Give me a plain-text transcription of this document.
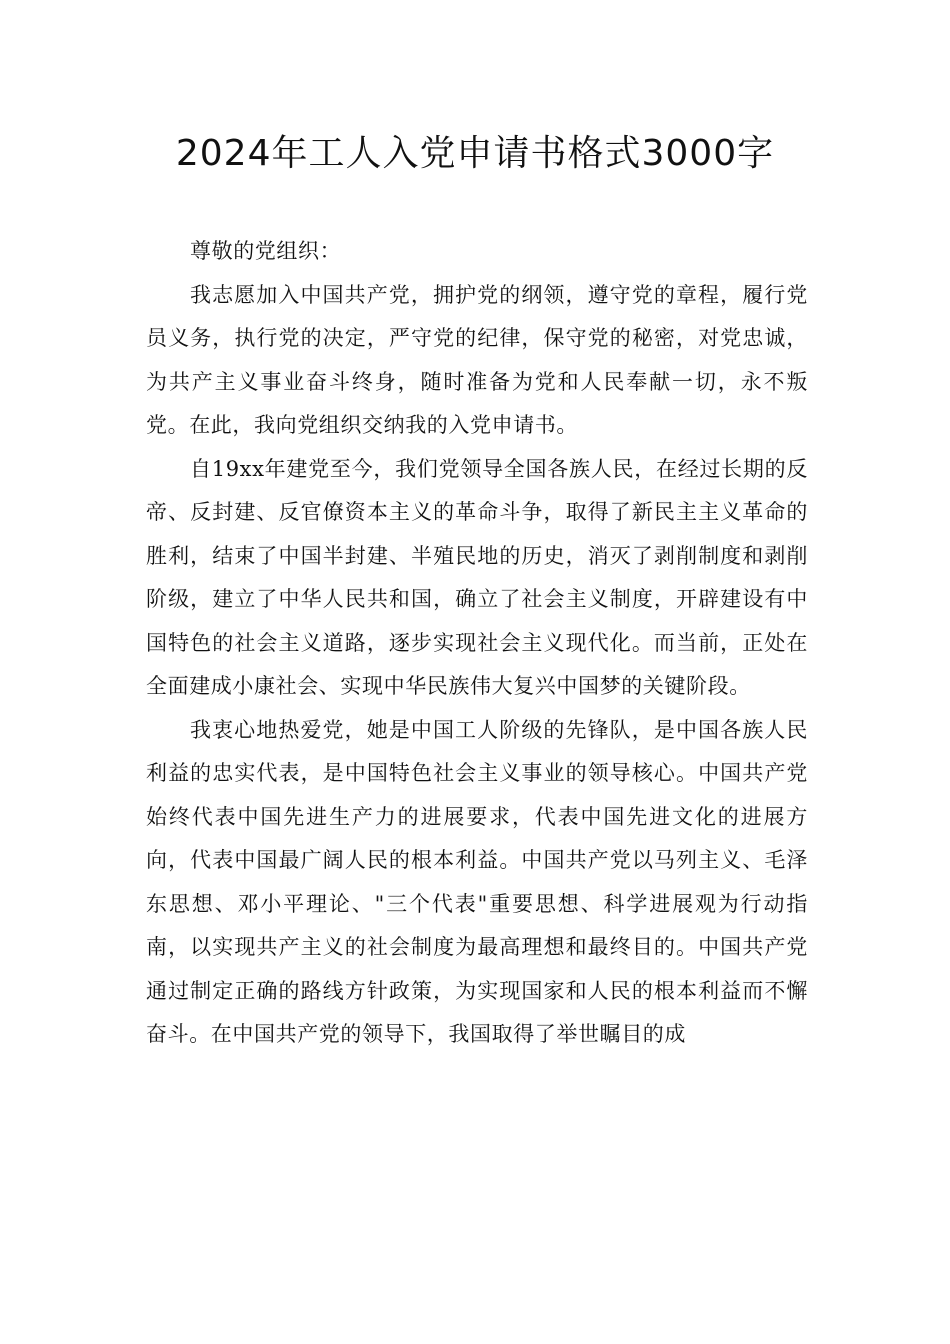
2024年工人入党申请书格式3000字

尊敬的党组织：

我志愿加入中国共产党，拥护党的纲领，遵守党的章程，履行党员义务，执行党的决定，严守党的纪律，保守党的秘密，对党忠诚，为共产主义事业奋斗终身，随时准备为党和人民奉献一切，永不叛党。在此，我向党组织交纳我的入党申请书。

自19xx年建党至今，我们党领导全国各族人民，在经过长期的反帝、反封建、反官僚资本主义的革命斗争，取得了新民主主义革命的胜利，结束了中国半封建、半殖民地的历史，消灭了剥削制度和剥削阶级，建立了中华人民共和国，确立了社会主义制度，开辟建设有中国特色的社会主义道路，逐步实现社会主义现代化。而当前，正处在全面建成小康社会、实现中华民族伟大复兴中国梦的关键阶段。

我衷心地热爱党，她是中国工人阶级的先锋队，是中国各族人民利益的忠实代表，是中国特色社会主义事业的领导核心。中国共产党始终代表中国先进生产力的进展要求，代表中国先进文化的进展方向，代表中国最广阔人民的根本利益。中国共产党以马列主义、毛泽东思想、邓小平理论、"三个代表"重要思想、科学进展观为行动指南，以实现共产主义的社会制度为最高理想和最终目的。中国共产党通过制定正确的路线方针政策，为实现国家和人民的根本利益而不懈奋斗。在中国共产党的领导下，我国取得了举世瞩目的成
